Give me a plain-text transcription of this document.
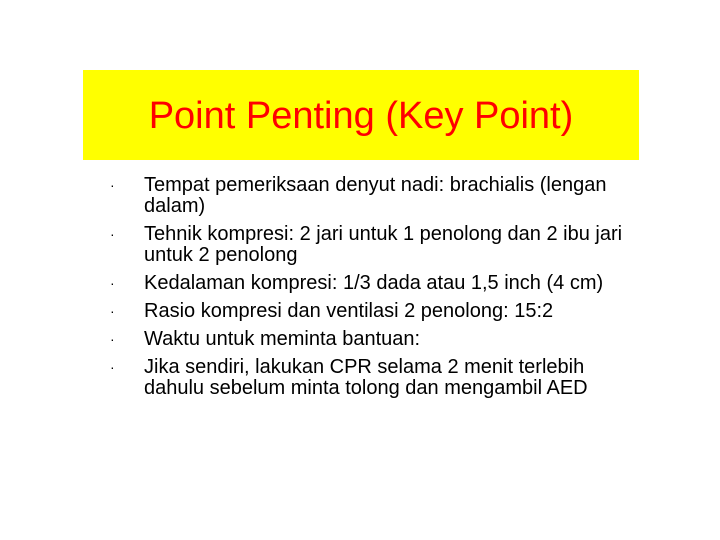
Point Penting (Key Point)
· Tempat pemeriksaan denyut nadi: brachialis (lengan dalam)
· Tehnik kompresi: 2 jari untuk 1 penolong dan 2 ibu jari untuk 2 penolong
· Kedalaman kompresi: 1/3 dada atau 1,5 inch (4 cm)
· Rasio kompresi dan ventilasi 2 penolong: 15:2
· Waktu untuk meminta bantuan:
· Jika sendiri, lakukan CPR selama 2 menit terlebih dahulu sebelum minta tolong dan mengambil AED
